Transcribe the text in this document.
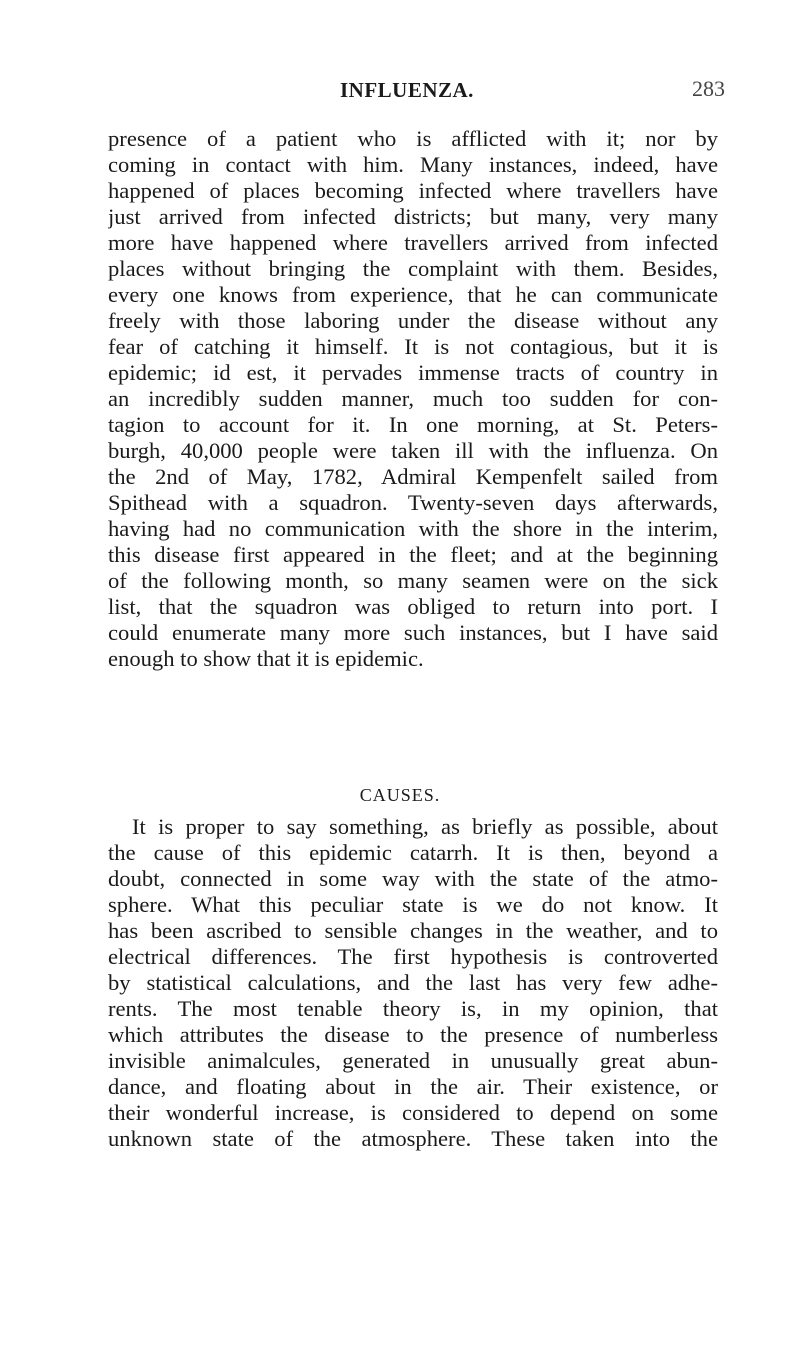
INFLUENZA.	283
presence of a patient who is afflicted with it; nor by
coming in contact with him. Many instances, indeed, have
happened of places becoming infected where travellers have
just arrived from infected districts; but many, very many
more have happened where travellers arrived from infected
places without bringing the complaint with them. Besides,
every one knows from experience, that he can communicate
freely with those laboring under the disease without any
fear of catching it himself. It is not contagious, but it is
epidemic; id est, it pervades immense tracts of country in
an incredibly sudden manner, much too sudden for con-
tagion to account for it. In one morning, at St. Peters-
burgh, 40,000 people were taken ill with the influenza. On
the 2nd of May, 1782, Admiral Kempenfelt sailed from
Spithead with a squadron. Twenty-seven days afterwards,
having had no communication with the shore in the interim,
this disease first appeared in the fleet; and at the beginning
of the following month, so many seamen were on the sick
list, that the squadron was obliged to return into port. I
could enumerate many more such instances, but I have said
enough to show that it is epidemic.
CAUSES.
It is proper to say something, as briefly as possible, about
the cause of this epidemic catarrh. It is then, beyond a
doubt, connected in some way with the state of the atmo-
sphere. What this peculiar state is we do not know. It
has been ascribed to sensible changes in the weather, and to
electrical differences. The first hypothesis is controverted
by statistical calculations, and the last has very few adhe-
rents. The most tenable theory is, in my opinion, that
which attributes the disease to the presence of numberless
invisible animalcules, generated in unusually great abun-
dance, and floating about in the air. Their existence, or
their wonderful increase, is considered to depend on some
unknown state of the atmosphere. These taken into the
